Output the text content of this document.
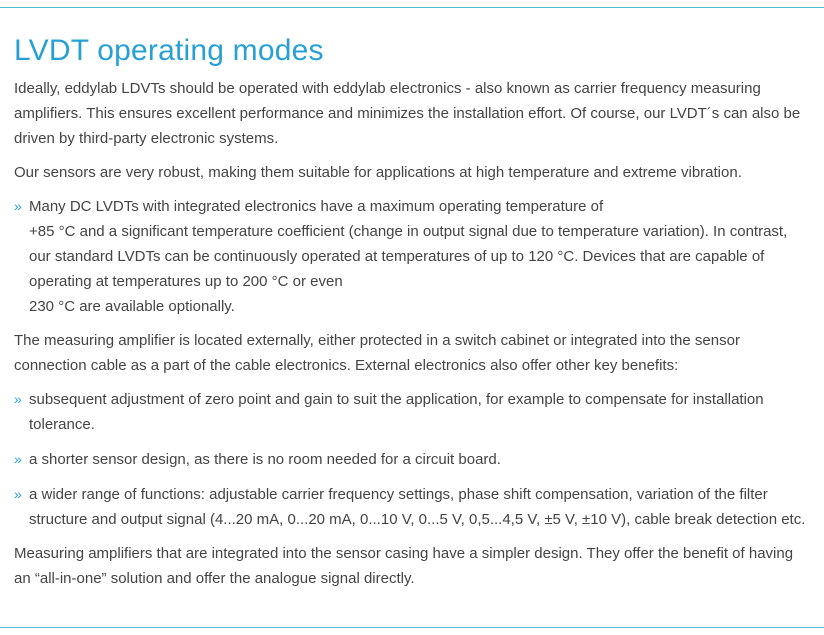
LVDT operating modes

Ideally, eddylab LDVTs should be operated with eddylab electronics - also known as carrier frequency measuring amplifiers. This ensures excellent performance and minimizes the installation effort. Of course, our LVDT´s can also be driven by third-party electronic systems.

Our sensors are very robust, making them suitable for applications at high temperature and extreme vibration.

» Many DC LVDTs with integrated electronics have a maximum operating temperature of
+85 °C and a significant temperature coefficient (change in output signal due to temperature variation). In contrast, our standard LVDTs can be continuously operated at temperatures of up to 120 °C. Devices that are capable of operating at temperatures up to 200 °C or even
230 °C are available optionally.

The measuring amplifier is located externally, either protected in a switch cabinet or integrated into the sensor connection cable as a part of the cable electronics. External electronics also offer other key benefits:

» subsequent adjustment of zero point and gain to suit the application, for example to compensate for installation tolerance.
» a shorter sensor design, as there is no room needed for a circuit board.
» a wider range of functions: adjustable carrier frequency settings, phase shift compensation, variation of the filter structure and output signal (4...20 mA, 0...20 mA, 0...10 V, 0...5 V, 0,5...4,5 V, ±5 V, ±10 V), cable break detection etc.

Measuring amplifiers that are integrated into the sensor casing have a simpler design. They offer the benefit of having an “all-in-one” solution and offer the analogue signal directly.
